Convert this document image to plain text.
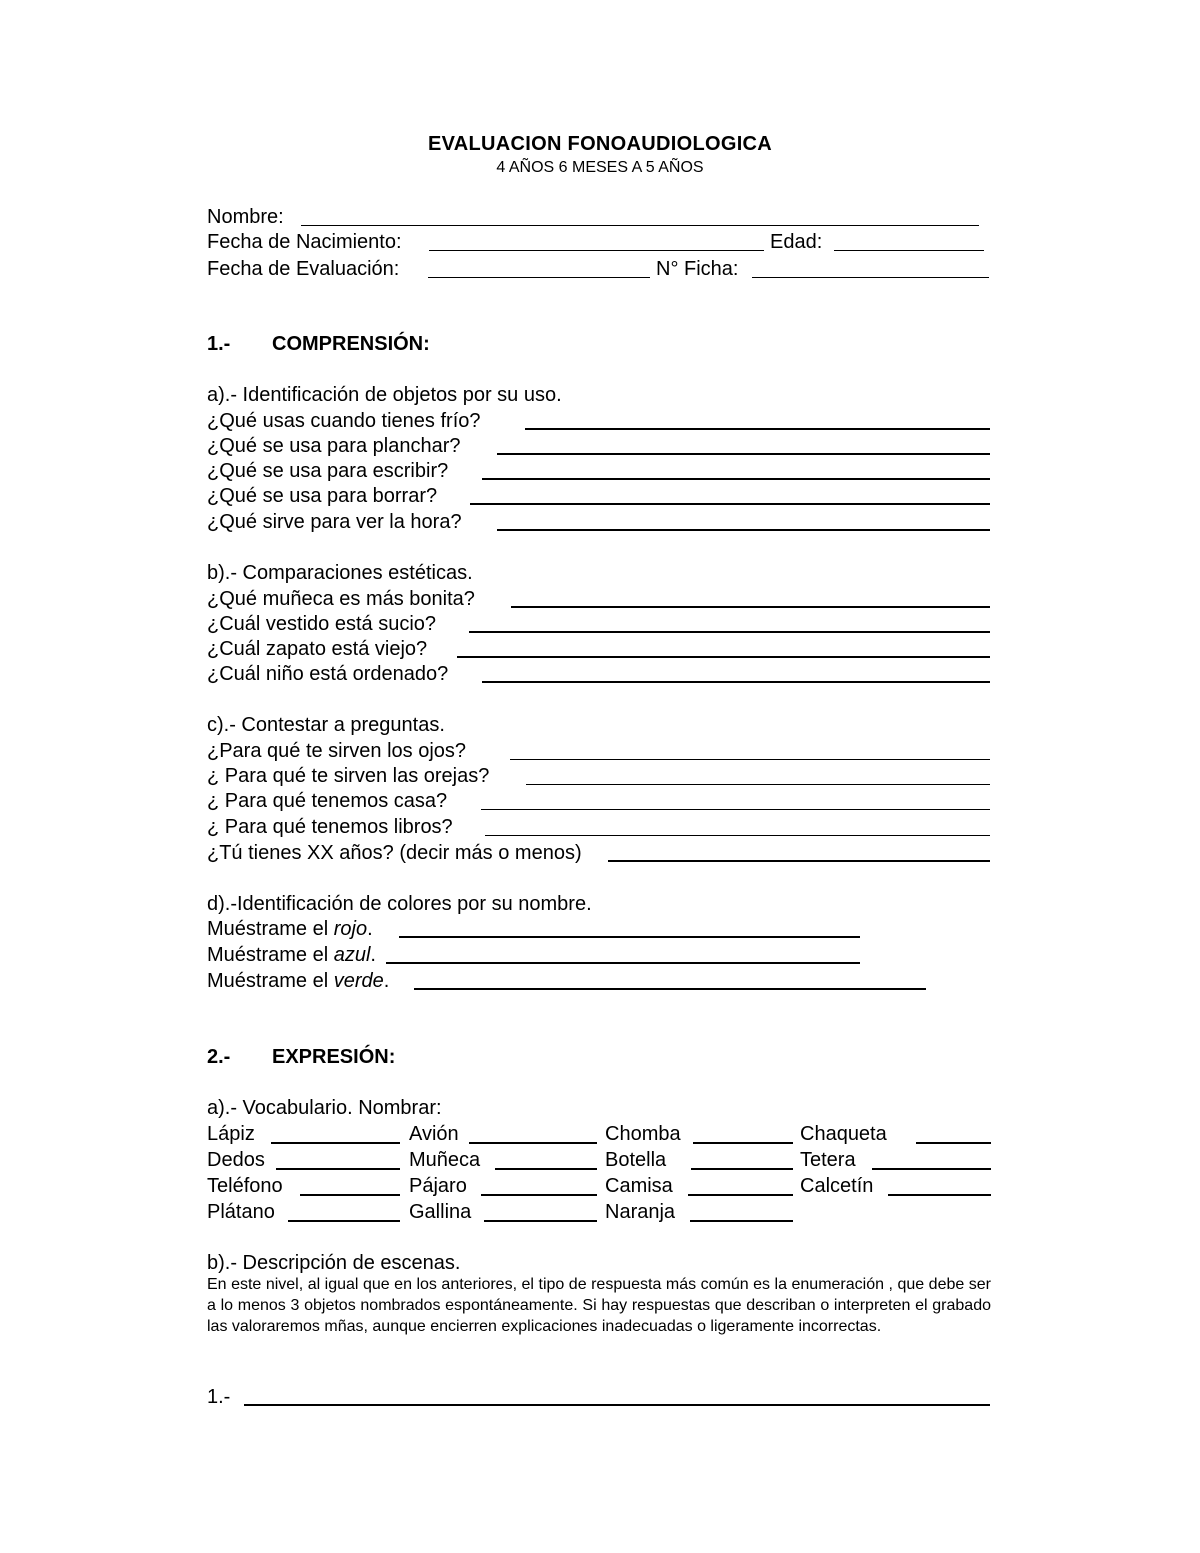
EVALUACION FONOAUDIOLOGICA
4 AÑOS 6 MESES A 5 AÑOS
Nombre:
Fecha de Nacimiento:	Edad:
Fecha de Evaluación:	N° Ficha:
1.- COMPRENSIÓN:
a).- Identificación de objetos por su uso.
¿Qué usas cuando tienes frío?
¿Qué se usa para planchar?
¿Qué se usa para escribir?
¿Qué se usa para borrar?
¿Qué sirve para ver la hora?
b).- Comparaciones estéticas.
¿Qué muñeca es más bonita?
¿Cuál vestido está sucio?
¿Cuál zapato está viejo?
¿Cuál niño está ordenado?
c).- Contestar a preguntas.
¿Para qué te sirven los ojos?
¿ Para qué te sirven las orejas?
¿ Para qué tenemos casa?
¿ Para qué tenemos libros?
¿Tú tienes XX años? (decir más o menos)
d).-Identificación de colores por su nombre.
Muéstrame el rojo.
Muéstrame el azul.
Muéstrame el verde.
2.- EXPRESIÓN:
a).- Vocabulario. Nombrar:
Lápiz	Avión	Chomba	Chaqueta
Dedos	Muñeca	Botella	Tetera
Teléfono	Pájaro	Camisa	Calcetín
Plátano	Gallina	Naranja
b).- Descripción de escenas.
En este nivel, al igual que en los anteriores, el tipo de respuesta más común es la enumeración , que debe ser a lo menos 3 objetos nombrados espontáneamente. Si hay respuestas que describan o interpreten el grabado las valoraremos mñas, aunque encierren explicaciones inadecuadas o ligeramente incorrectas.
1.-
